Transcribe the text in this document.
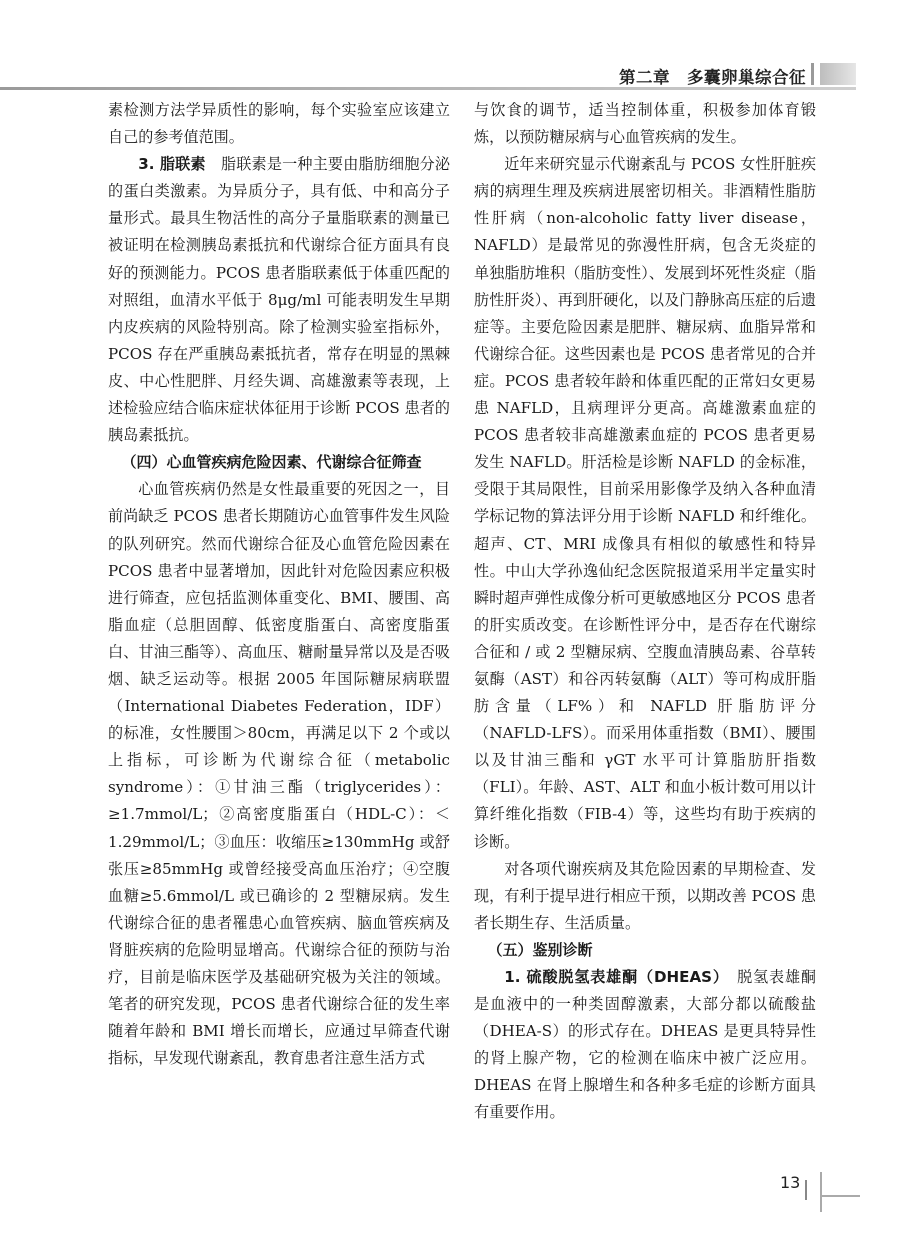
第二章　多囊卵巢综合征

素检测方法学异质性的影响，每个实验室应该建立自己的参考值范围。

3. 脂联素　脂联素是一种主要由脂肪细胞分泌的蛋白类激素。为异质分子，具有低、中和高分子量形式。最具生物活性的高分子量脂联素的测量已被证明在检测胰岛素抵抗和代谢综合征方面具有良好的预测能力。PCOS 患者脂联素低于体重匹配的对照组，血清水平低于 8μg/ml 可能表明发生早期内皮疾病的风险特别高。除了检测实验室指标外，PCOS 存在严重胰岛素抵抗者，常存在明显的黑棘皮、中心性肥胖、月经失调、高雄激素等表现，上述检验应结合临床症状体征用于诊断 PCOS 患者的胰岛素抵抗。

（四）心血管疾病危险因素、代谢综合征筛查

心血管疾病仍然是女性最重要的死因之一，目前尚缺乏 PCOS 患者长期随访心血管事件发生风险的队列研究。然而代谢综合征及心血管危险因素在 PCOS 患者中显著增加，因此针对危险因素应积极进行筛查，应包括监测体重变化、BMI、腰围、高脂血症（总胆固醇、低密度脂蛋白、高密度脂蛋白、甘油三酯等）、高血压、糖耐量异常以及是否吸烟、缺乏运动等。根据 2005 年国际糖尿病联盟（International Diabetes Federation，IDF）的标准，女性腰围＞80cm，再满足以下 2 个或以上指标，可诊断为代谢综合征（metabolic syndrome）：①甘油三酯（triglycerides）：≥1.7mmol/L；②高密度脂蛋白（HDL-C）：＜1.29mmol/L；③血压：收缩压≥130mmHg 或舒张压≥85mmHg 或曾经接受高血压治疗；④空腹血糖≥5.6mmol/L 或已确诊的 2 型糖尿病。发生代谢综合征的患者罹患心血管疾病、脑血管疾病及肾脏疾病的危险明显增高。代谢综合征的预防与治疗，目前是临床医学及基础研究极为关注的领域。笔者的研究发现，PCOS 患者代谢综合征的发生率随着年龄和 BMI 增长而增长，应通过早筛查代谢指标，早发现代谢紊乱，教育患者注意生活方式

与饮食的调节，适当控制体重，积极参加体育锻炼，以预防糖尿病与心血管疾病的发生。

近年来研究显示代谢紊乱与 PCOS 女性肝脏疾病的病理生理及疾病进展密切相关。非酒精性脂肪性肝病（non-alcoholic fatty liver disease，NAFLD）是最常见的弥漫性肝病，包含无炎症的单独脂肪堆积（脂肪变性）、发展到坏死性炎症（脂肪性肝炎）、再到肝硬化，以及门静脉高压症的后遗症等。主要危险因素是肥胖、糖尿病、血脂异常和代谢综合征。这些因素也是 PCOS 患者常见的合并症。PCOS 患者较年龄和体重匹配的正常妇女更易患 NAFLD，且病理评分更高。高雄激素血症的 PCOS 患者较非高雄激素血症的 PCOS 患者更易发生 NAFLD。肝活检是诊断 NAFLD 的金标准，受限于其局限性，目前采用影像学及纳入各种血清学标记物的算法评分用于诊断 NAFLD 和纤维化。超声、CT、MRI 成像具有相似的敏感性和特异性。中山大学孙逸仙纪念医院报道采用半定量实时瞬时超声弹性成像分析可更敏感地区分 PCOS 患者的肝实质改变。在诊断性评分中，是否存在代谢综合征和 / 或 2 型糖尿病、空腹血清胰岛素、谷草转氨酶（AST）和谷丙转氨酶（ALT）等可构成肝脂肪含量（LF%）和 NAFLD 肝脂肪评分（NAFLD-LFS）。而采用体重指数（BMI）、腰围以及甘油三酯和 γGT 水平可计算脂肪肝指数（FLI）。年龄、AST、ALT 和血小板计数可用以计算纤维化指数（FIB-4）等，这些均有助于疾病的诊断。

对各项代谢疾病及其危险因素的早期检查、发现，有利于提早进行相应干预，以期改善 PCOS 患者长期生存、生活质量。

（五）鉴别诊断

1. 硫酸脱氢表雄酮（DHEAS）　脱氢表雄酮是血液中的一种类固醇激素，大部分都以硫酸盐（DHEA-S）的形式存在。DHEAS 是更具特异性的肾上腺产物，它的检测在临床中被广泛应用。DHEAS 在肾上腺增生和各种多毛症的诊断方面具有重要作用。

13
